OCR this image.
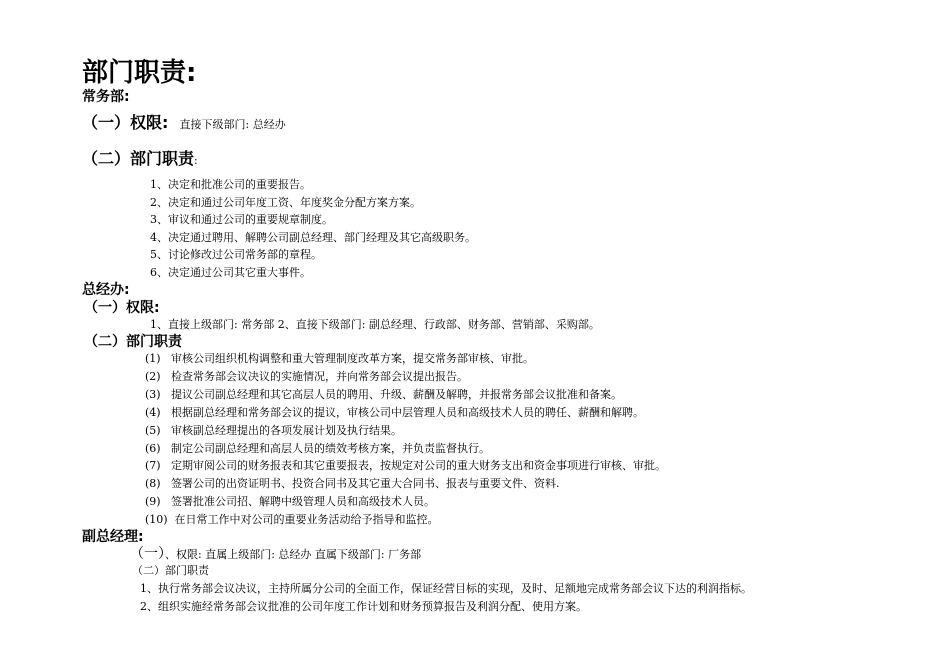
部门职责:
常务部:
（一）权限: 直接下级部门: 总经办
（二）部门职责:
1、决定和批准公司的重要报告。
2、决定和通过公司年度工资、年度奖金分配方案方案。
3、审议和通过公司的重要规章制度。
4、决定通过聘用、解聘公司副总经理、部门经理及其它高级职务。
5、讨论修改过公司常务部的章程。
6、决定通过公司其它重大事件。
总经办:
（一）权限:
1、直接上级部门: 常务部 2、直接下级部门: 副总经理、行政部、财务部、营销部、采购部。
（二）部门职责
(1) 审核公司组织机构调整和重大管理制度改革方案，提交常务部审核、审批。
(2) 检查常务部会议决议的实施情况，并向常务部会议提出报告。
(3) 提议公司副总经理和其它高层人员的聘用、升级、薪酬及解聘，并报常务部会议批准和备案。
(4) 根据副总经理和常务部会议的提议，审核公司中层管理人员和高级技术人员的聘任、薪酬和解聘。
(5) 审核副总经理提出的各项发展计划及执行结果。
(6) 制定公司副总经理和高层人员的绩效考核方案，并负责监督执行。
(7) 定期审阅公司的财务报表和其它重要报表，按规定对公司的重大财务支出和资金事项进行审核、审批。
(8) 签署公司的出资证明书、投资合同书及其它重大合同书、报表与重要文件、资料.
(9) 签署批准公司招、解聘中级管理人员和高级技术人员。
(10) 在日常工作中对公司的重要业务活动给予指导和监控。
副总经理:
（一）、权限: 直属上级部门: 总经办 直属下级部门: 厂务部
（二）部门职责
1、执行常务部会议决议，主持所属分公司的全面工作，保证经营目标的实现，及时、足额地完成常务部会议下达的利润指标。
2、组织实施经常务部会议批准的公司年度工作计划和财务预算报告及利润分配、使用方案。
